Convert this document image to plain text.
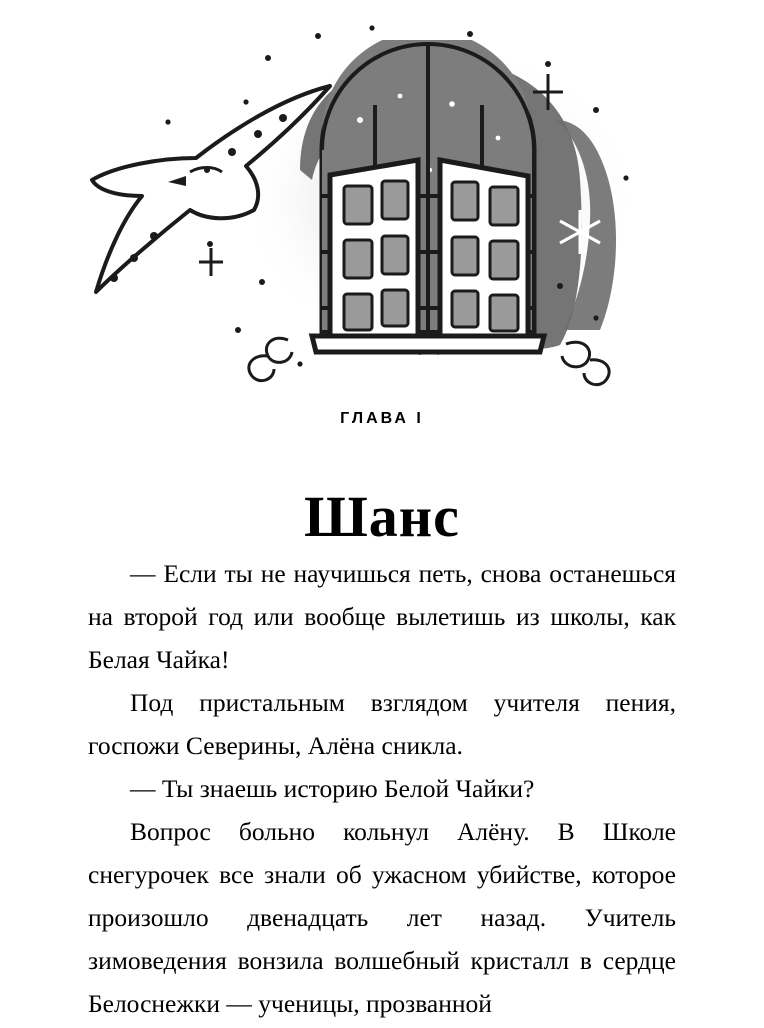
ГЛАВА I
Шанс

— Если ты не научишься петь, снова останешься на второй год или вообще вылетишь из школы, как Белая Чайка!

Под пристальным взглядом учителя пения, госпожи Северины, Алёна сникла.

— Ты знаешь историю Белой Чайки?

Вопрос больно кольнул Алёну. В Школе снегурочек все знали об ужасном убийстве, которое произошло двенадцать лет назад. Учитель зимоведения вонзила волшебный кристалл в сердце Белоснежки — ученицы, прозванной
